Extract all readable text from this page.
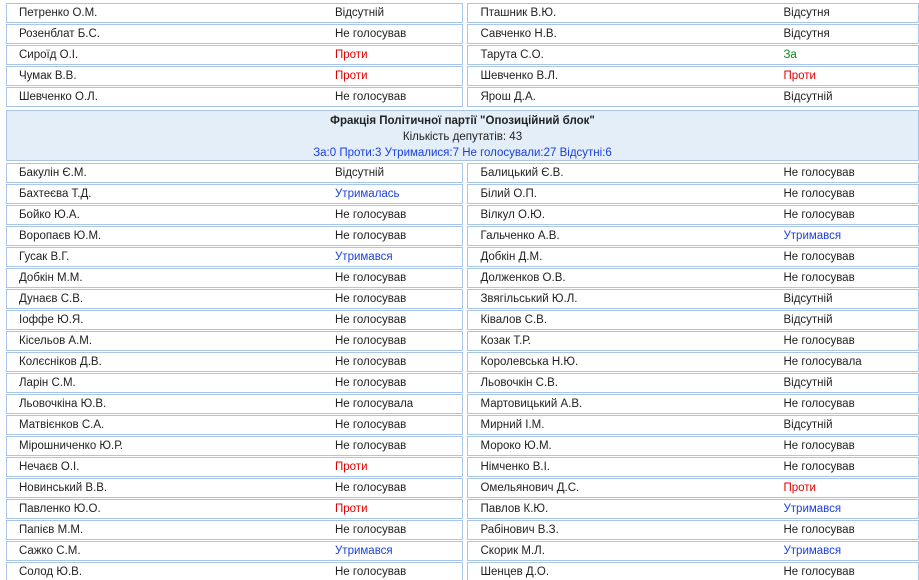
Петренко О.М.	Відсутній	Пташник В.Ю.	Відсутня
Розенблат Б.С.	Не голосував	Савченко Н.В.	Відсутня
Сироїд О.І.	Проти	Тарута С.О.	За
Чумак В.В.	Проти	Шевченко В.Л.	Проти
Шевченко О.Л.	Не голосував	Ярош Д.А.	Відсутній
Фракція Політичної партії "Опозиційний блок"
Кількість депутатів: 43
За:0 Проти:3 Утрималися:7 Не голосували:27 Відсутні:6
Бакулін Є.М.	Відсутній	Балицький Є.В.	Не голосував
Бахтеєва Т.Д.	Утрималась	Білий О.П.	Не голосував
Бойко Ю.А.	Не голосував	Вілкул О.Ю.	Не голосував
Воропаєв Ю.М.	Не голосував	Гальченко А.В.	Утримався
Гусак В.Г.	Утримався	Добкін Д.М.	Не голосував
Добкін М.М.	Не голосував	Долженков О.В.	Не голосував
Дунаєв С.В.	Не голосував	Звягільський Ю.Л.	Відсутній
Іоффе Ю.Я.	Не голосував	Ківалов С.В.	Відсутній
Кісельов А.М.	Не голосував	Козак Т.Р.	Не голосував
Колєсніков Д.В.	Не голосував	Королевська Н.Ю.	Не голосувала
Ларін С.М.	Не голосував	Льовочкін С.В.	Відсутній
Льовочкіна Ю.В.	Не голосувала	Мартовицький А.В.	Не голосував
Матвієнков С.А.	Не голосував	Мирний І.М.	Відсутній
Мірошниченко Ю.Р.	Не голосував	Мороко Ю.М.	Не голосував
Нечаєв О.І.	Проти	Німченко В.І.	Не голосував
Новинський В.В.	Не голосував	Омельянович Д.С.	Проти
Павленко Ю.О.	Проти	Павлов К.Ю.	Утримався
Папієв М.М.	Не голосував	Рабінович В.З.	Не голосував
Сажко С.М.	Утримався	Скорик М.Л.	Утримався
Солод Ю.В.	Не голосував	Шенцев Д.О.	Не голосував
